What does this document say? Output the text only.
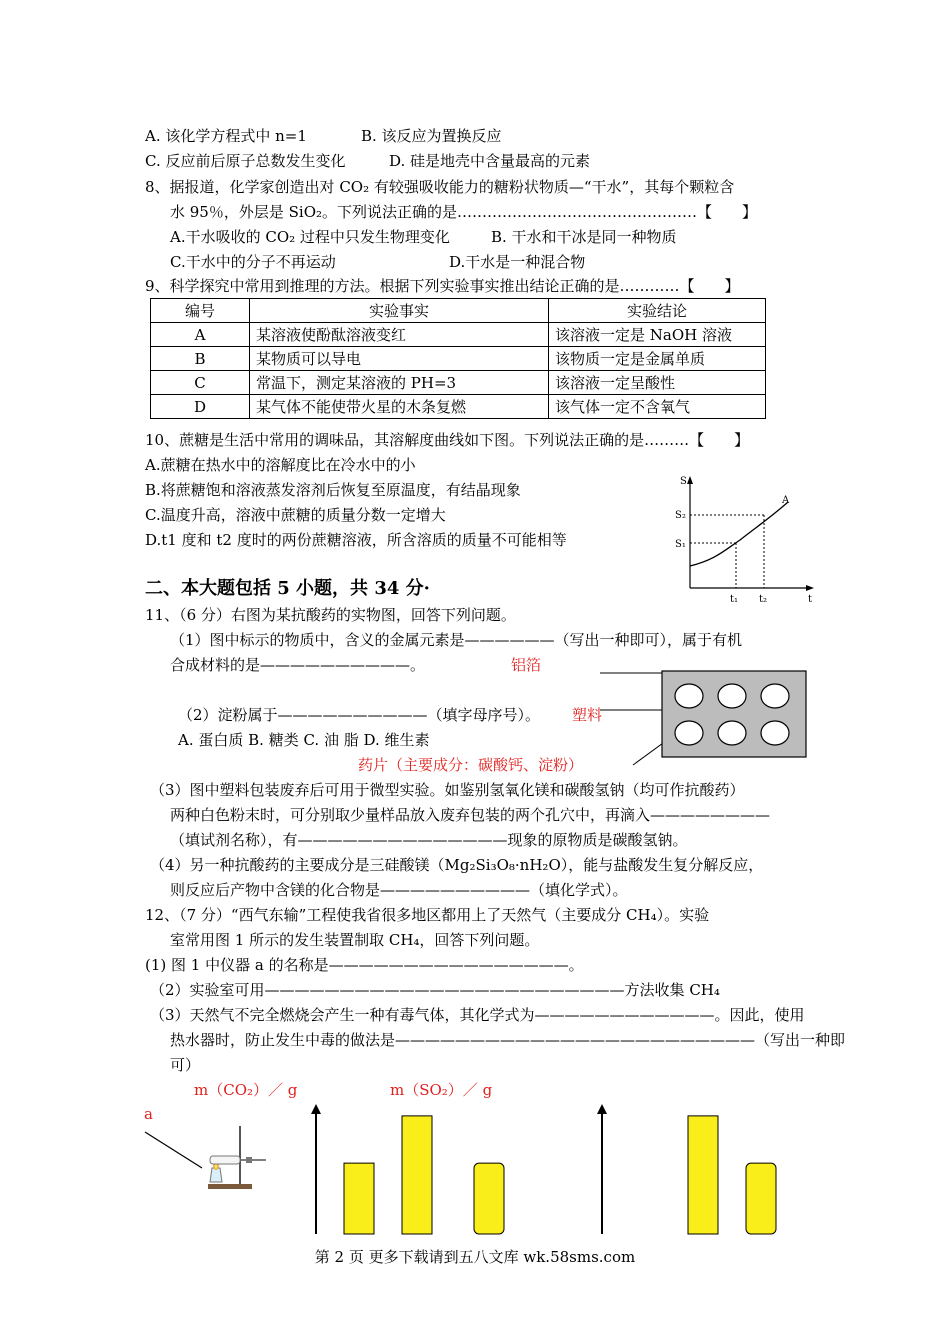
A. 该化学方程式中 n=1	B. 该反应为置换反应
C. 反应前后原子总数发生变化	D. 硅是地壳中含量最高的元素
8、据报道，化学家创造出对 CO₂ 有较强吸收能力的糖粉状物质—“干水”，其每个颗粒含
水 95％，外层是 SiO₂。下列说法正确的是…………………………………………【　　】
A.干水吸收的 CO₂ 过程中只发生物理变化	B. 干水和干冰是同一种物质
C.干水中的分子不再运动	D.干水是一种混合物
9、科学探究中常用到推理的方法。根据下列实验事实推出结论正确的是…………【　　】
编号	实验事实	实验结论
A	某溶液使酚酞溶液变红	该溶液一定是 NaOH 溶液
B	某物质可以导电	该物质一定是金属单质
C	常温下，测定某溶液的 PH=3	该溶液一定呈酸性
D	某气体不能使带火星的木条复燃	该气体一定不含氧气
10、蔗糖是生活中常用的调味品，其溶解度曲线如下图。下列说法正确的是………【　　】
A.蔗糖在热水中的溶解度比在冷水中的小
B.将蔗糖饱和溶液蒸发溶剂后恢复至原温度，有结晶现象
C.温度升高，溶液中蔗糖的质量分数一定增大
D.t1 度和 t2 度时的两份蔗糖溶液，所含溶质的质量不可能相等
S
S₂
S₁
t₁ t₂	t
A
二、本大题包括 5 小题，共 34 分·
11、（6 分）右图为某抗酸药的实物图，回答下列问题。
（1）图中标示的物质中，含义的金属元素是——————（写出一种即可），属于有机
合成材料的是——————————。	铝箔
（2）淀粉属于——————————（填字母序号）。 塑料
A. 蛋白质 B. 糖类 C. 油 脂 D. 维生素
药片（主要成分：碳酸钙、淀粉）
（3）图中塑料包装废弃后可用于微型实验。如鉴别氢氧化镁和碳酸氢钠（均可作抗酸药）
两种白色粉末时，可分别取少量样品放入废弃包装的两个孔穴中，再滴入————————
（填试剂名称），有——————————————现象的原物质是碳酸氢钠。
（4）另一种抗酸药的主要成分是三硅酸镁（Mg₂Si₃O₈·nH₂O），能与盐酸发生复分解反应，
则反应后产物中含镁的化合物是——————————（填化学式）。
12、（7 分）“西气东输”工程使我省很多地区都用上了天然气（主要成分 CH₄）。实验
室常用图 1 所示的发生装置制取 CH₄，回答下列问题。
(1) 图 1 中仪器 a 的名称是————————————————。
（2）实验室可用————————————————————————方法收集 CH₄
（3）天然气不完全燃烧会产生一种有毒气体，其化学式为————————————。因此，使用
热水器时，防止发生中毒的做法是————————————————————————（写出一种即
可）
m（CO₂）／ g	m（SO₂）／ g
a
第 2 页 更多下载请到五八文库 wk.58sms.com
